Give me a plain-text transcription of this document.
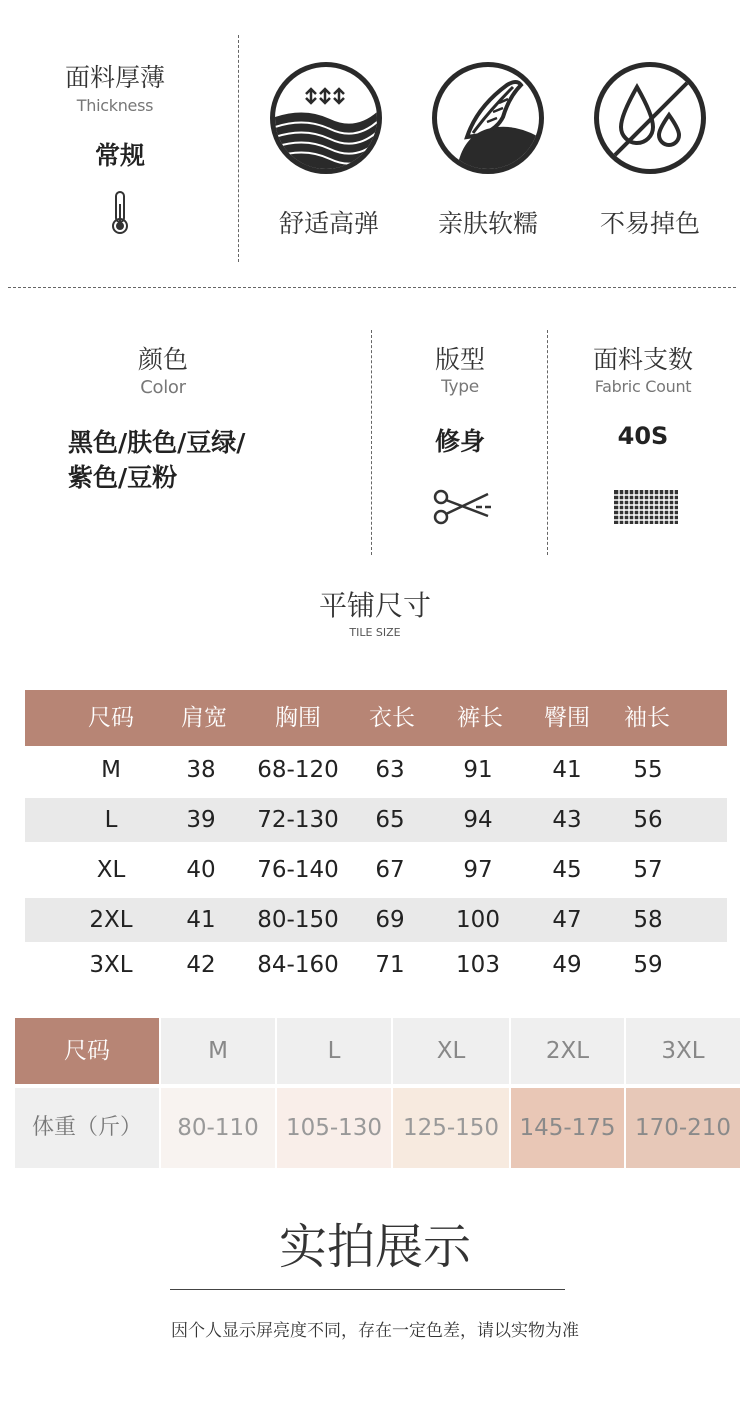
面料厚薄
Thickness
常规
舒适高弹	亲肤软糯	不易掉色
颜色
Color
黑色/肤色/豆绿/
紫色/豆粉
版型
Type
修身
面料支数
Fabric Count
40S
平铺尺寸
TILE SIZE
尺码 肩宽 胸围 衣长 裤长 臀围 袖长
M	38 68-120 63	91	41 55
L	39 72-130 65	94	43 56
XL	40 76-140 67	97	45 57
2XL 41 80-150 69 100 47 58
3XL 42 84-160 71 103 49 59
尺码	M	L	XL	2XL	3XL
体重（斤）	80-110	105-130 125-150 145-175 170-210
实拍展示
因个人显示屏亮度不同，存在一定色差，请以实物为准
